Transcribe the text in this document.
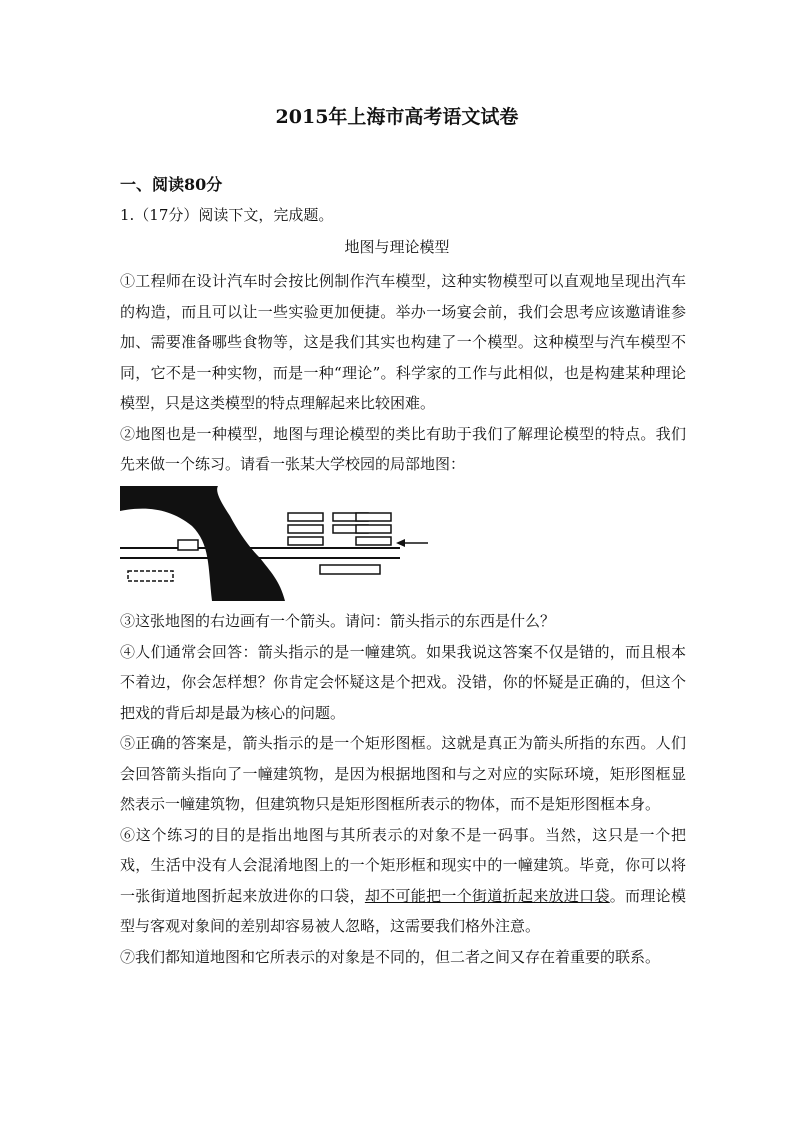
2015年上海市高考语文试卷
一、阅读80分
1.（17分）阅读下文，完成题。
地图与理论模型

①工程师在设计汽车时会按比例制作汽车模型，这种实物模型可以直观地呈现出汽车的构造，而且可以让一些实验更加便捷。举办一场宴会前，我们会思考应该邀请谁参加、需要准备哪些食物等，这是我们其实也构建了一个模型。这种模型与汽车模型不同，它不是一种实物，而是一种“理论”。科学家的工作与此相似，也是构建某种理论模型，只是这类模型的特点理解起来比较困难。

②地图也是一种模型，地图与理论模型的类比有助于我们了解理论模型的特点。我们先来做一个练习。请看一张某大学校园的局部地图：

③这张地图的右边画有一个箭头。请问：箭头指示的东西是什么？

④人们通常会回答：箭头指示的是一幢建筑。如果我说这答案不仅是错的，而且根本不着边，你会怎样想？你肯定会怀疑这是个把戏。没错，你的怀疑是正确的，但这个把戏的背后却是最为核心的问题。

⑤正确的答案是，箭头指示的是一个矩形图框。这就是真正为箭头所指的东西。人们会回答箭头指向了一幢建筑物，是因为根据地图和与之对应的实际环境，矩形图框显然表示一幢建筑物，但建筑物只是矩形图框所表示的物体，而不是矩形图框本身。

⑥这个练习的目的是指出地图与其所表示的对象不是一码事。当然，这只是一个把戏，生活中没有人会混淆地图上的一个矩形框和现实中的一幢建筑。毕竟，你可以将一张街道地图折起来放进你的口袋，却不可能把一个街道折起来放进口袋。而理论模型与客观对象间的差别却容易被人忽略，这需要我们格外注意。

⑦我们都知道地图和它所表示的对象是不同的，但二者之间又存在着重要的联系。
